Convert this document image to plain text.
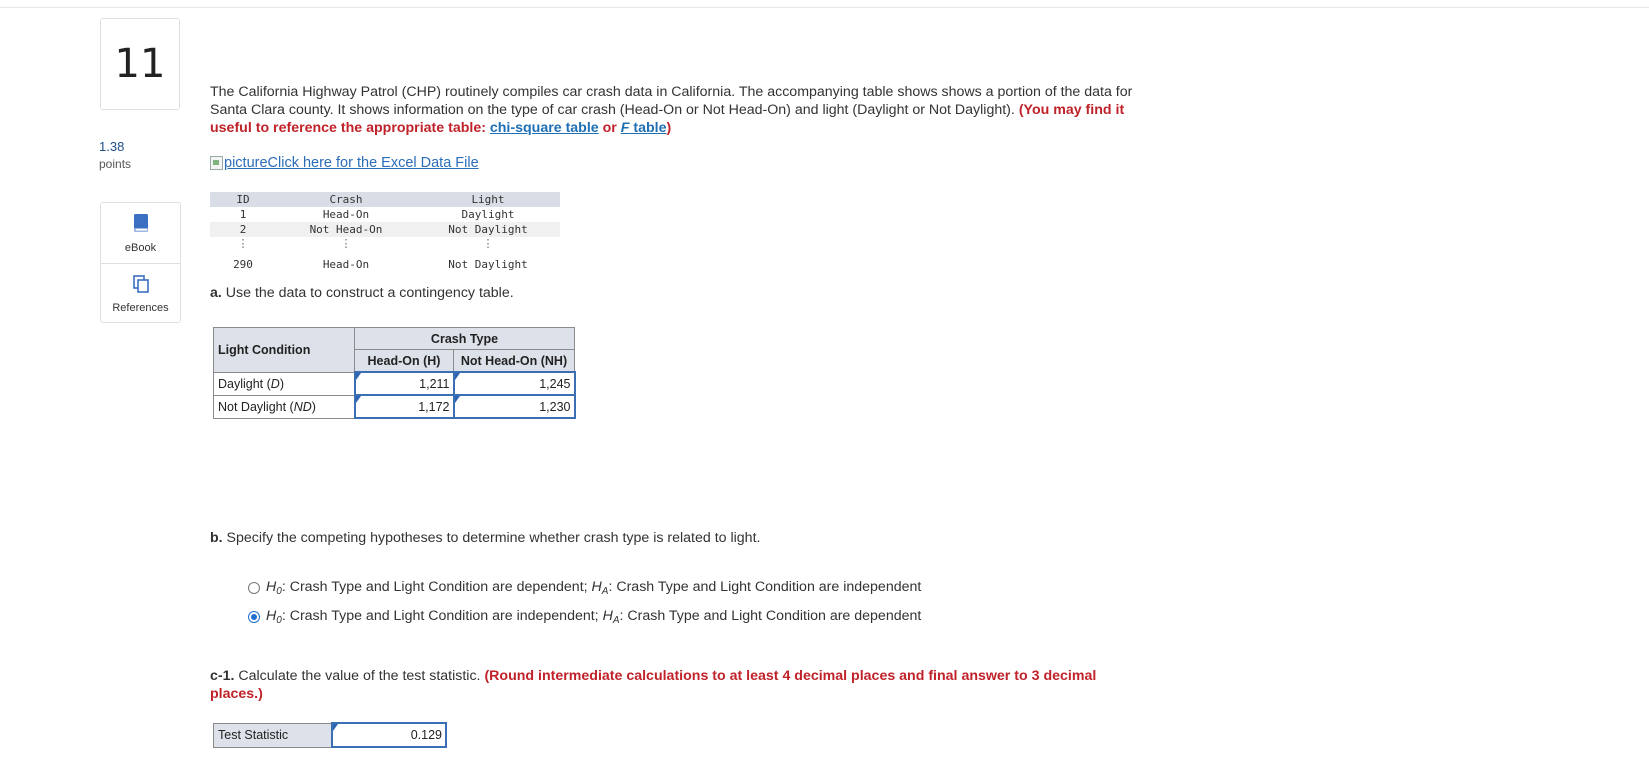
11
1.38
points
eBook
References
The California Highway Patrol (CHP) routinely compiles car crash data in California. The accompanying table shows shows a portion of the data for Santa Clara county. It shows information on the type of car crash (Head-On or Not Head-On) and light (Daylight or Not Daylight). (You may find it useful to reference the appropriate table: chi-square table or F table)
picture Click here for the Excel Data File
ID	Crash	Light
1	Head-On	Daylight
2	Not Head-On	Not Daylight
⋮	⋮	⋮
290	Head-On	Not Daylight
a. Use the data to construct a contingency table.
Light Condition	Crash Type	
	Head-On (H)	Not Head-On (NH)
Daylight (D)	1,211	1,245
Not Daylight (ND)	1,172	1,230
b. Specify the competing hypotheses to determine whether crash type is related to light.
$H_0$: Crash Type and Light Condition are dependent; $H_A$: Crash Type and Light Condition are independent
$H_0$: Crash Type and Light Condition are independent; $H_A$: Crash Type and Light Condition are dependent
c-1. Calculate the value of the test statistic. (Round intermediate calculations to at least 4 decimal places and final answer to 3 decimal places.)
Test Statistic	0.129
